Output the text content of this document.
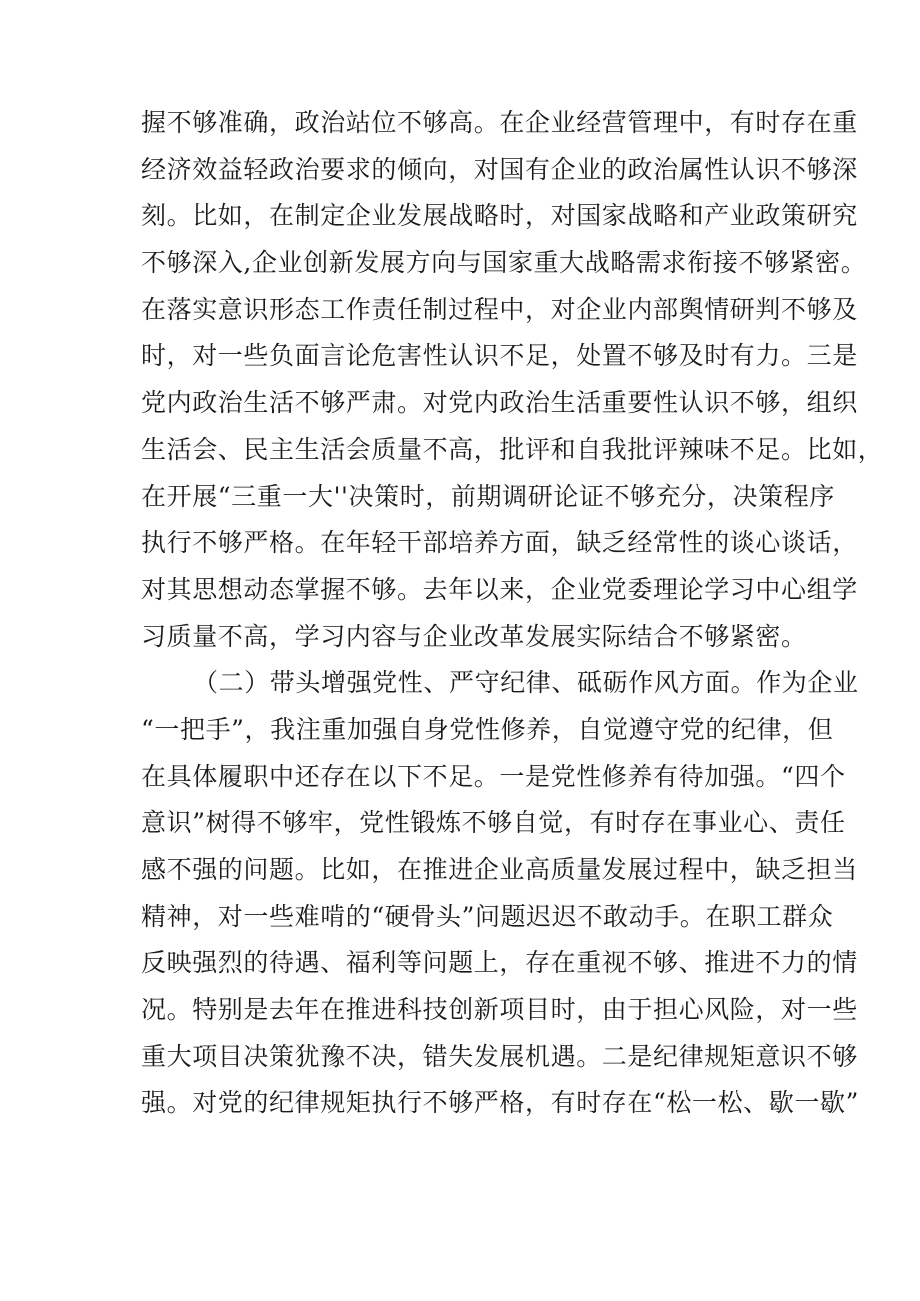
握不够准确，政治站位不够高。在企业经营管理中，有时存在重
经济效益轻政治要求的倾向，对国有企业的政治属性认识不够深
刻。比如，在制定企业发展战略时，对国家战略和产业政策研究
不够深入,企业创新发展方向与国家重大战略需求衔接不够紧密。
在落实意识形态工作责任制过程中，对企业内部舆情研判不够及
时，对一些负面言论危害性认识不足，处置不够及时有力。三是
党内政治生活不够严肃。对党内政治生活重要性认识不够，组织
生活会、民主生活会质量不高，批评和自我批评辣味不足。比如，
在开展“三重一大''决策时，前期调研论证不够充分，决策程序
执行不够严格。在年轻干部培养方面，缺乏经常性的谈心谈话，
对其思想动态掌握不够。去年以来，企业党委理论学习中心组学
习质量不高，学习内容与企业改革发展实际结合不够紧密。
（二）带头增强党性、严守纪律、砥砺作风方面。作为企业
“一把手”，我注重加强自身党性修养，自觉遵守党的纪律，但
在具体履职中还存在以下不足。一是党性修养有待加强。“四个
意识”树得不够牢，党性锻炼不够自觉，有时存在事业心、责任
感不强的问题。比如，在推进企业高质量发展过程中，缺乏担当
精神，对一些难啃的“硬骨头”问题迟迟不敢动手。在职工群众
反映强烈的待遇、福利等问题上，存在重视不够、推进不力的情
况。特别是去年在推进科技创新项目时，由于担心风险，对一些
重大项目决策犹豫不决，错失发展机遇。二是纪律规矩意识不够
强。对党的纪律规矩执行不够严格，有时存在“松一松、歇一歇”
